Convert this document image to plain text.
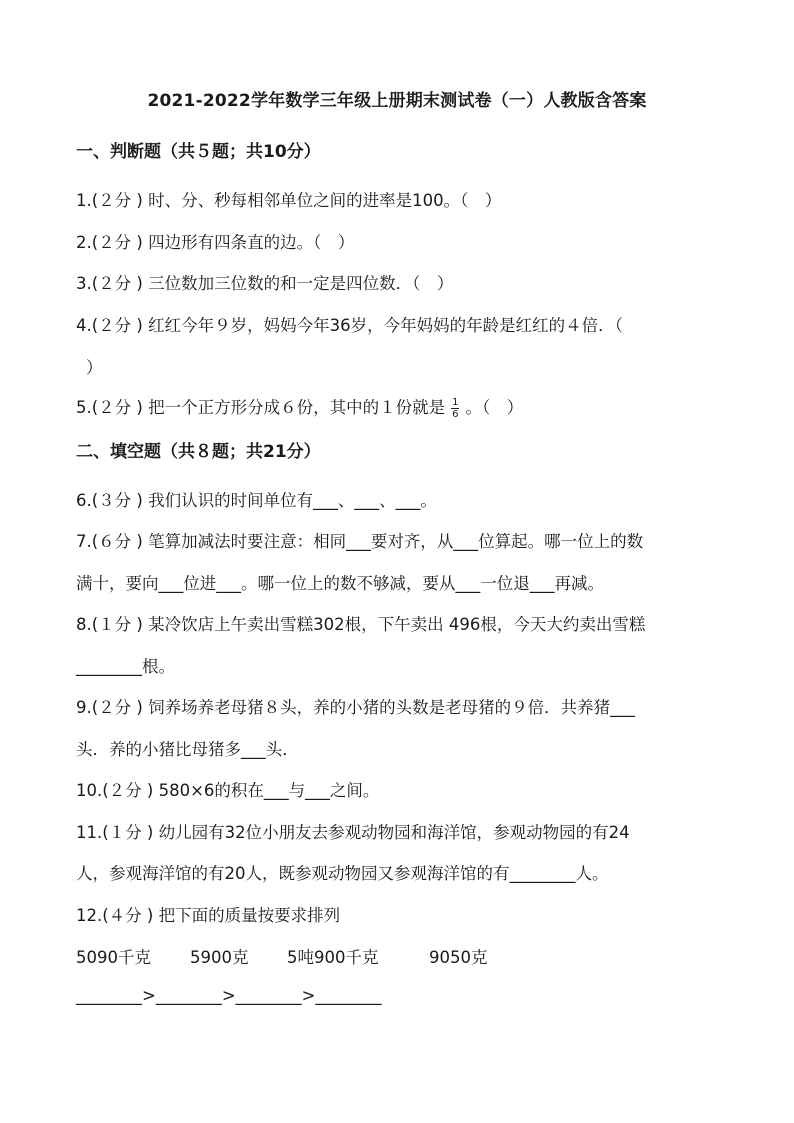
2021-2022学年数学三年级上册期末测试卷（一）人教版含答案
一、判断题（共５题；共10分）
1.(２分 ) 时、分、秒每相邻单位之间的进率是100。（　）
2.(２分 ) 四边形有四条直的边。（　）
3.(２分 ) 三位数加三位数的和一定是四位数．（　）
4.(２分 ) 红红今年９岁，妈妈今年36岁，今年妈妈的年龄是红红的４倍．（
）
5.(２分 ) 把一个正方形分成６份，其中的１份就是 $\frac{1}{6}$ 。（　）
二、填空题（共８题；共21分）
6.(３分 ) 我们认识的时间单位有___、___、___。
7.(６分 ) 笔算加减法时要注意：相同___要对齐，从___位算起。哪一位上的数
满十，要向___位进___。哪一位上的数不够减，要从___一位退___再减。
8.(１分 ) 某冷饮店上午卖出雪糕302根，下午卖出 496根，今天大约卖出雪糕
________根。
9.(２分 ) 饲养场养老母猪８头，养的小猪的头数是老母猪的９倍．共养猪___
头．养的小猪比母猪多___头．
10.(２分 ) 580×6的积在___与___之间。
11.(１分 ) 幼儿园有32位小朋友去参观动物园和海洋馆，参观动物园的有24
人，参观海洋馆的有20人，既参观动物园又参观海洋馆的有________人。
12.(４分 ) 把下面的质量按要求排列
5090千克 5900克 5吨900千克	9050克
________>________>________>________
